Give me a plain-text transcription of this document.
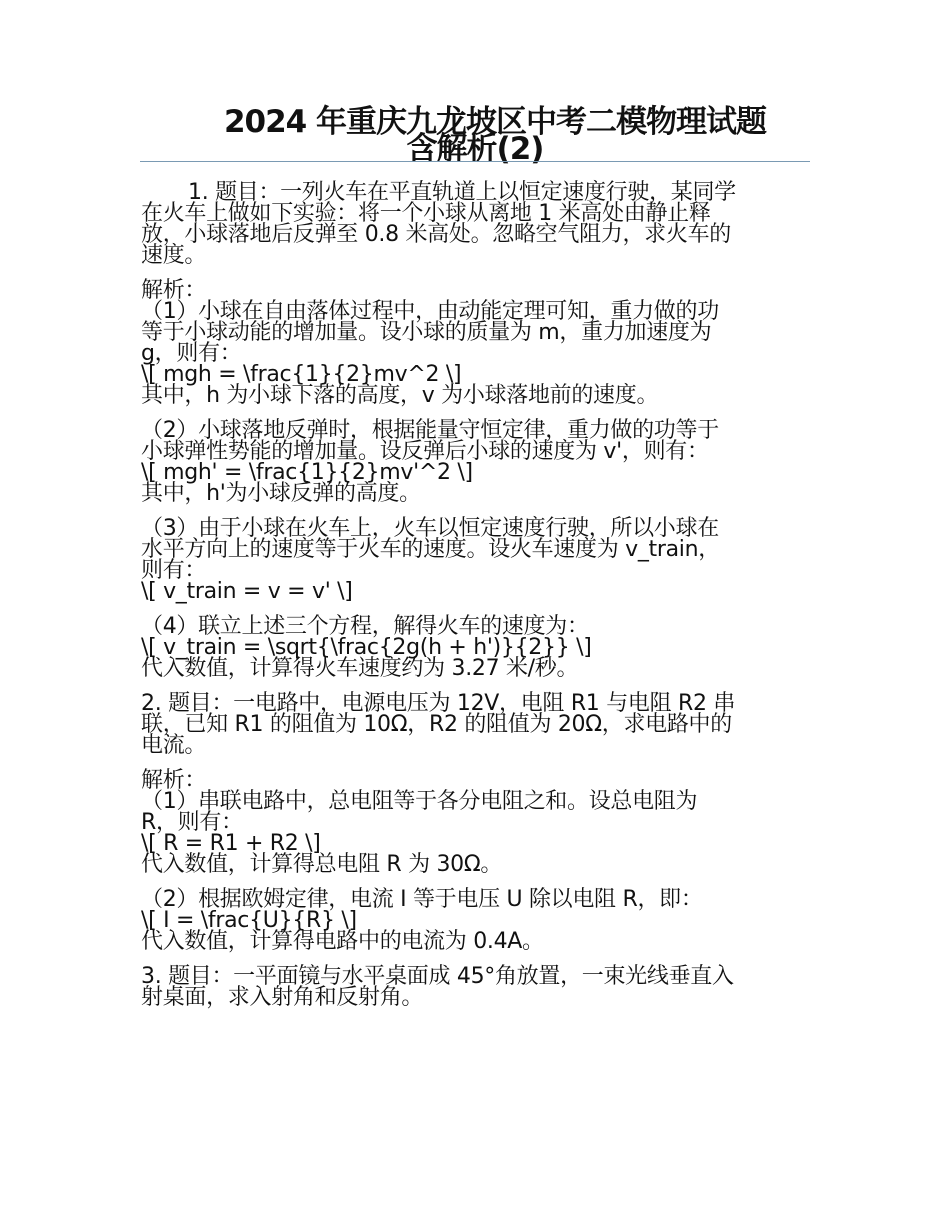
2024 年重庆九龙坡区中考二模物理试题
含解析(2)
1. 题目：一列火车在平直轨道上以恒定速度行驶，某同学
在火车上做如下实验：将一个小球从离地 1 米高处由静止释
放，小球落地后反弹至 0.8 米高处。忽略空气阻力，求火车的
速度。
解析：
（1）小球在自由落体过程中，由动能定理可知，重力做的功
等于小球动能的增加量。设小球的质量为 m，重力加速度为
g，则有：
\[ mgh = \frac{1}{2}mv^2 \]
其中，h 为小球下落的高度，v 为小球落地前的速度。
（2）小球落地反弹时，根据能量守恒定律，重力做的功等于
小球弹性势能的增加量。设反弹后小球的速度为 v'，则有：
\[ mgh' = \frac{1}{2}mv'^2 \]
其中，h'为小球反弹的高度。
（3）由于小球在火车上，火车以恒定速度行驶，所以小球在
水平方向上的速度等于火车的速度。设火车速度为 v_train，
则有：
\[ v_train = v = v' \]
（4）联立上述三个方程，解得火车的速度为：
\[ v_train = \sqrt{\frac{2g(h + h')}{2}} \]
代入数值，计算得火车速度约为 3.27 米/秒。
2. 题目：一电路中，电源电压为 12V，电阻 R1 与电阻 R2 串
联，已知 R1 的阻值为 10Ω，R2 的阻值为 20Ω，求电路中的
电流。
解析：
（1）串联电路中，总电阻等于各分电阻之和。设总电阻为
R，则有：
\[ R = R1 + R2 \]
代入数值，计算得总电阻 R 为 30Ω。
（2）根据欧姆定律，电流 I 等于电压 U 除以电阻 R，即：
\[ I = \frac{U}{R} \]
代入数值，计算得电路中的电流为 0.4A。
3. 题目：一平面镜与水平桌面成 45°角放置，一束光线垂直入
射桌面，求入射角和反射角。
